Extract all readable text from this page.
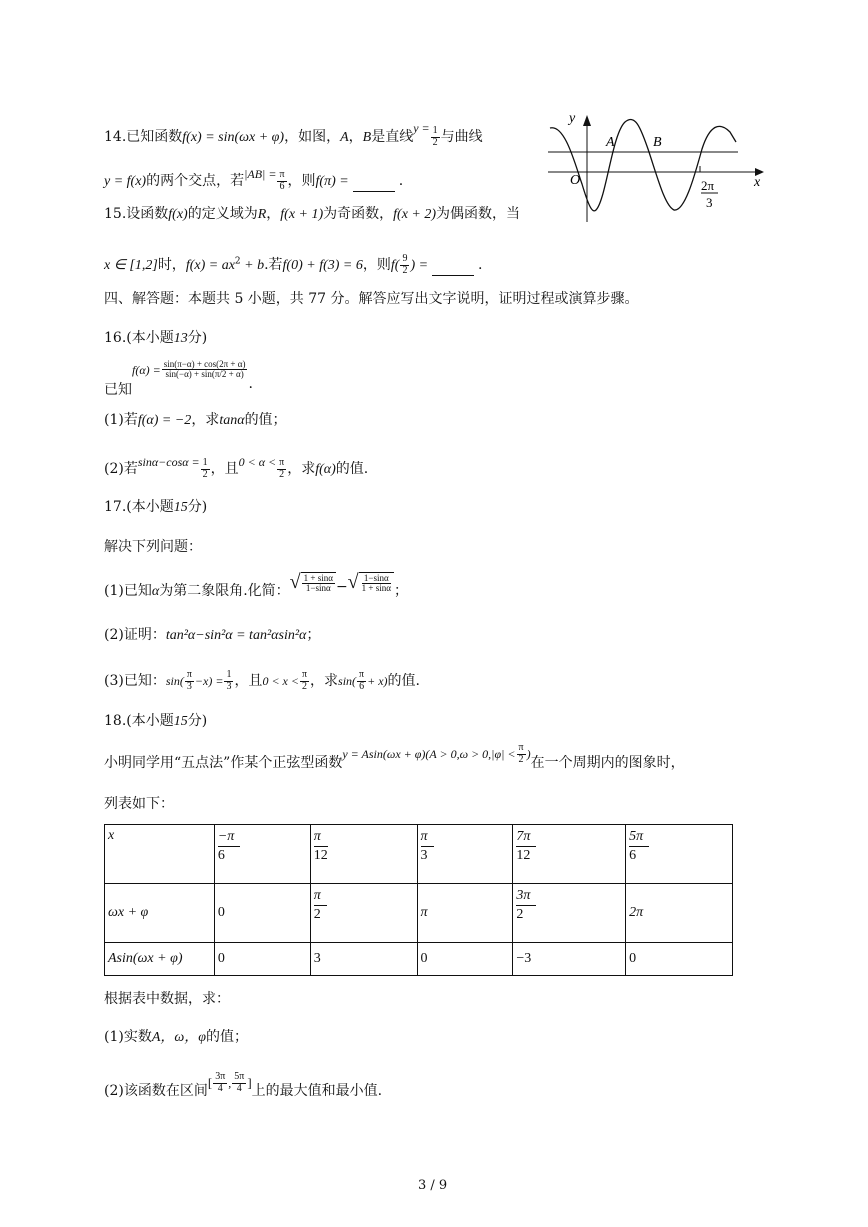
14.已知函数f(x) = sin(ωx + φ)，如图，A，B是直线$y = \frac{1}{2}$ 与曲线
y = f(x)的两个交点，若$|AB| = \frac{\pi}{6}$ ，则f(π) =	.
y
x
O
A	B
2π
3
15.设函数f(x)的定义域为R，f(x + 1)为奇函数，f(x + 2)为偶函数，当
x ∈ [1,2]时，$f(x) = ax^2 + b$.若f(0) + f(3) = 6，则$f( \frac{9}{2}$ ) =	.
四、解答题：本题共 5 小题，共 77 分。解答应写出文字说明，证明过程或演算步骤。
16.(本小题13分)
已知$f(\alpha) = \frac{\sin(\pi-\alpha) + \cos(2\pi + \alpha)}{\sin(-\alpha) + \sin(\pi/2 + \alpha)}$
.
(1)若f(α) = −2，求tanα的值；
(2)若$\sin\alpha-\cos\alpha = \frac{1}{2}$ ，且$0 < \alpha < \frac{\pi}{2}$ ，求f(α)的值.
17.(本小题15分)
解决下列问题：
(1)已知α为第二象限角.化简： √ $\frac{1 + \sin\alpha}{1-\sin\alpha}$ − √ $\frac{1-\sin\alpha}{1 + \sin\alpha}$ ；
(2)证明：tan²α−sin²α = tan²αsin²α；
(3)已知：$\sin( \frac{\pi}{3} -x) = \frac{1}{3}$ ，且$0 < x < \frac{\pi}{2}$ ，求$\sin( \frac{\pi}{6} + x)$的值.
18.(本小题15分)
小明同学用“五点法”作某个正弦型函数$y = Asin(\omega x + \varphi)(A > 0,\omega > 0,|\varphi| < \frac{\pi}{2}$ )在一个周期内的图象时，
列表如下：
x	$\frac{-\pi}{6}$	$\frac{\pi}{12}$	$\frac{\pi}{3}$	$\frac{7\pi}{12}$	$\frac{5\pi}{6}$

ωx + φ	0	$\frac{\pi}{2}$	π	$\frac{3\pi}{2}$	2π
Asin(ωx + φ)	0	3	0	−3	0
根据表中数据，求：
(1)实数A，ω，φ的值；
(2)该函数在区间[ $\frac{3\pi}{4}$ , $\frac{5\pi}{4}$ ]上的最大值和最小值.
3 / 9
